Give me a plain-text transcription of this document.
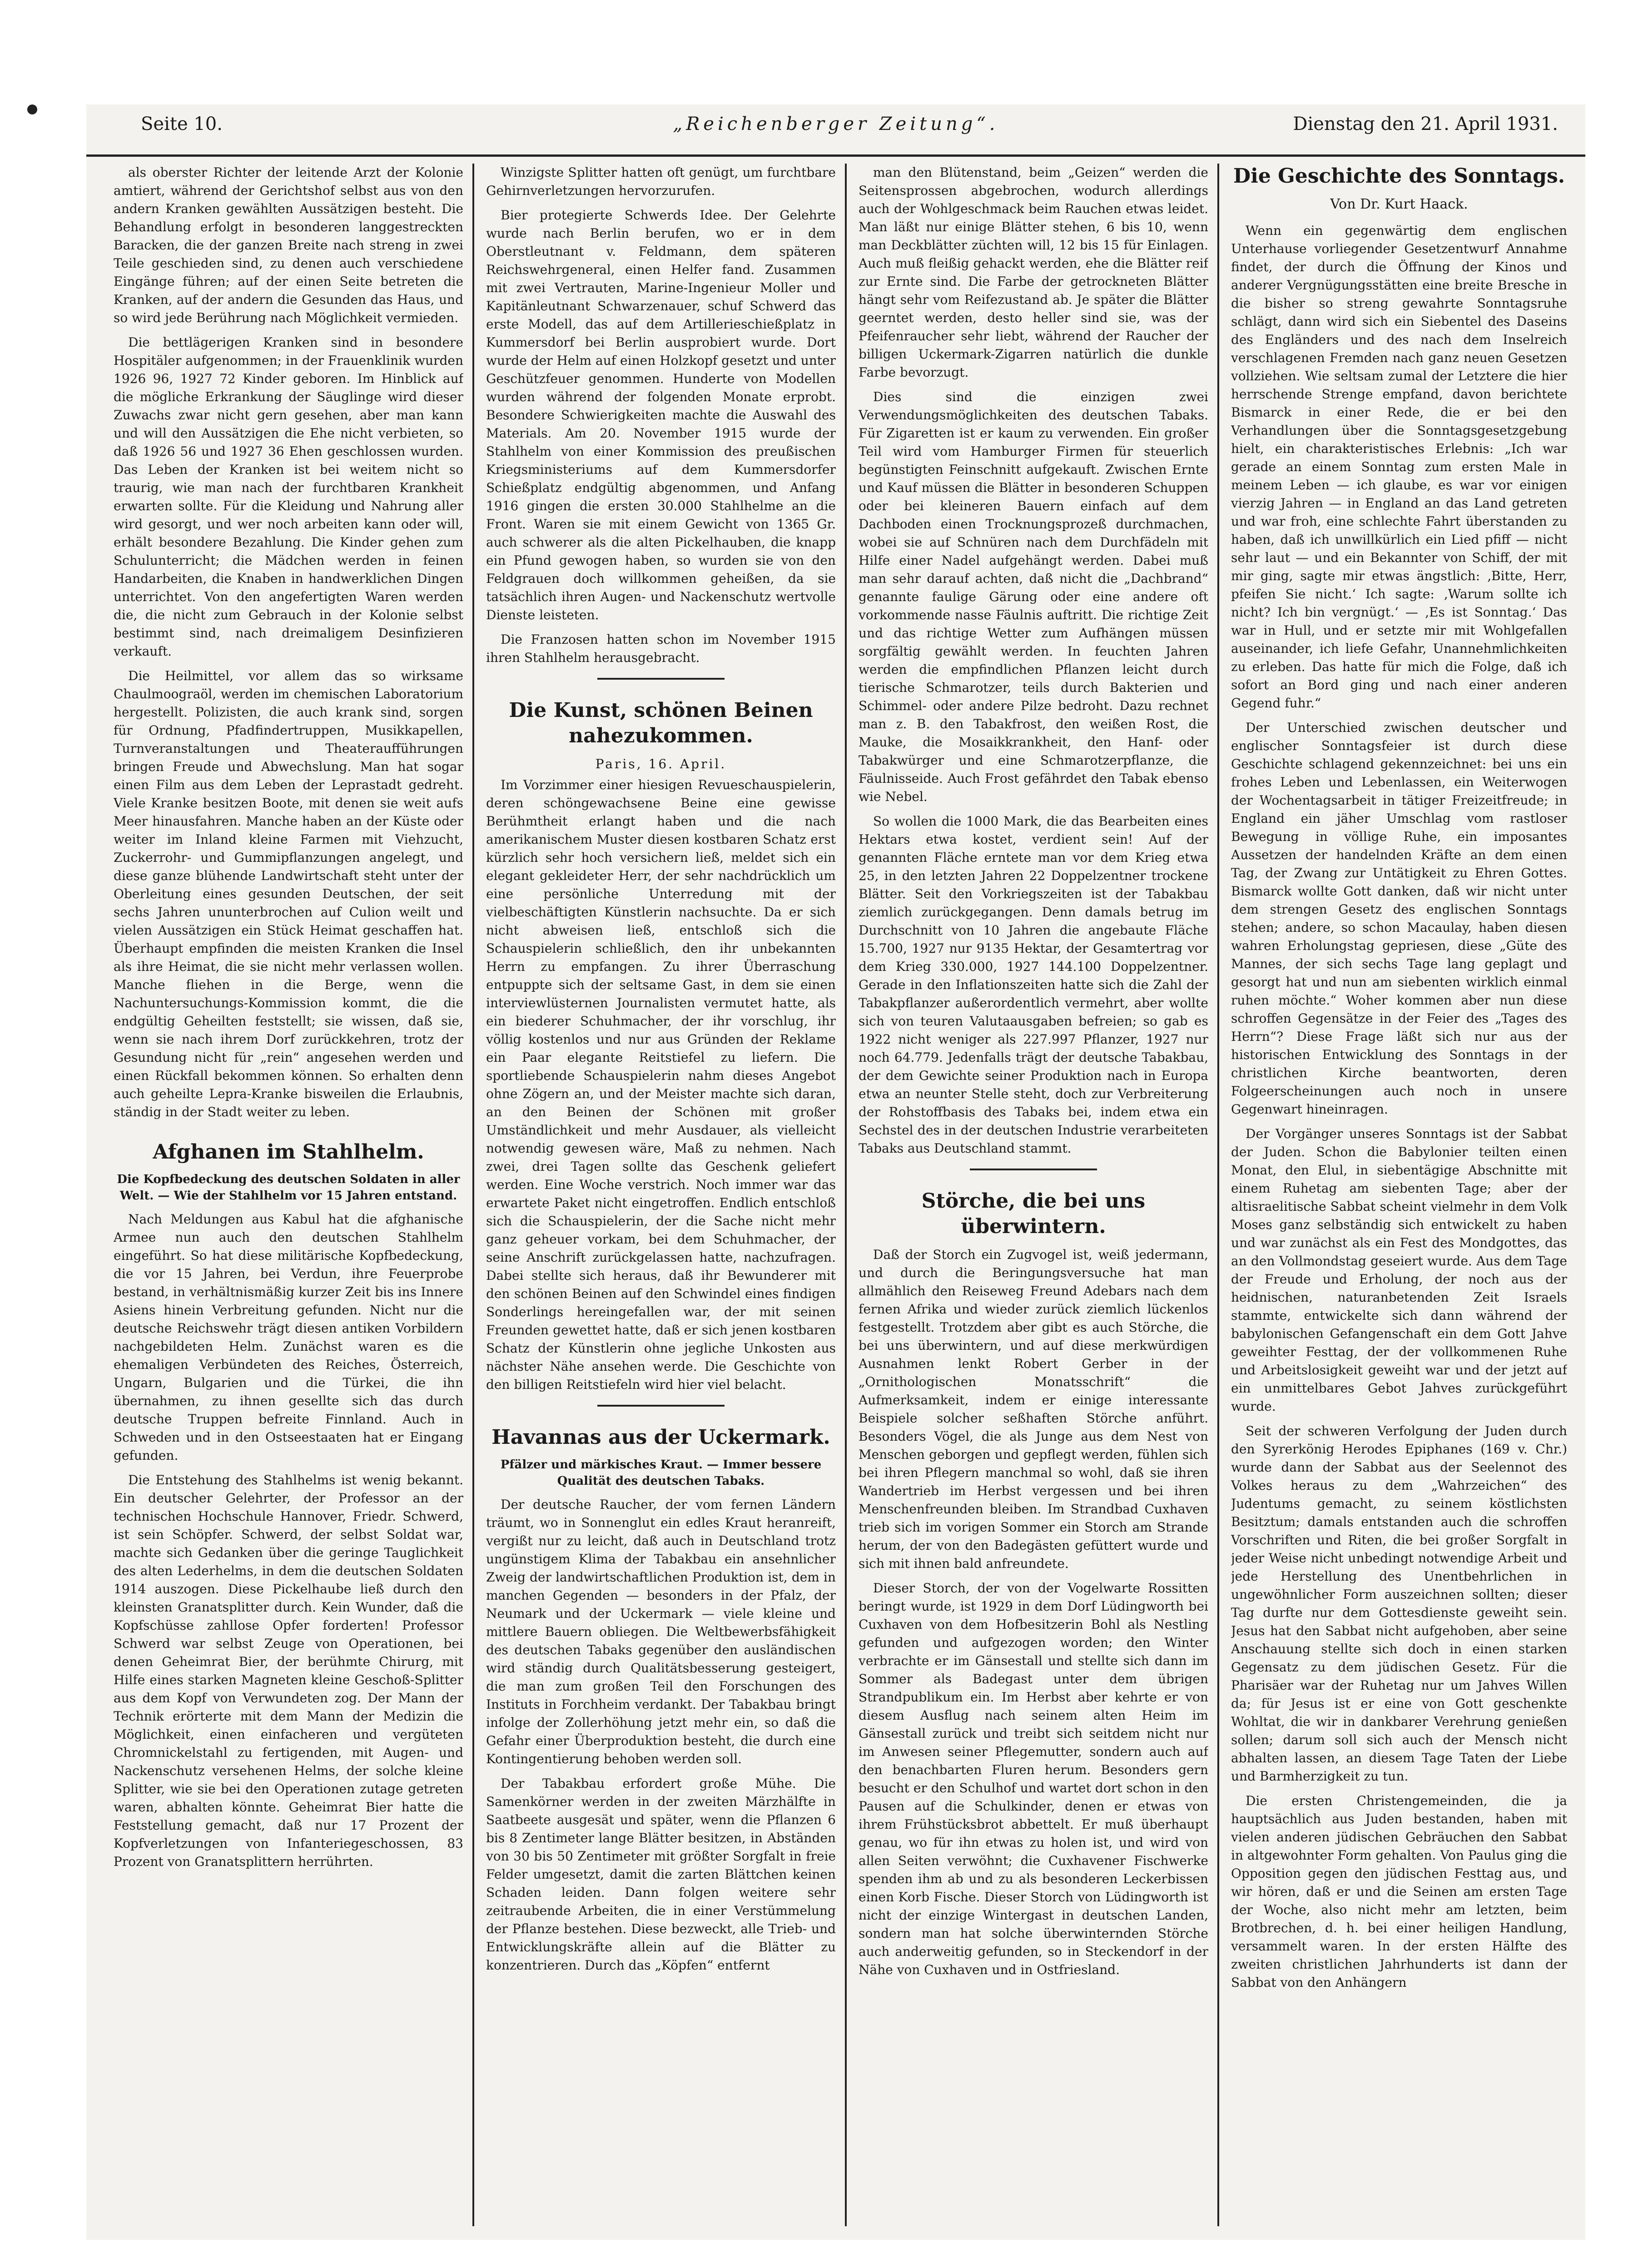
Seite 10.	„Reichenberger Zeitung“.	Dienstag den 21. April 1931.

als oberster Richter der leitende Arzt der Kolonie amtiert, während der Gerichtshof selbst aus von den andern Kranken gewählten Aussätzigen besteht. Die Behandlung erfolgt in besonderen langgestreckten Baracken, die der ganzen Breite nach streng in zwei Teile geschieden sind, zu denen auch verschiedene Eingänge führen; auf der einen Seite betreten die Kranken, auf der andern die Gesunden das Haus, und so wird jede Berührung nach Möglichkeit vermieden.

Die bettlägerigen Kranken sind in besondere Hospitäler aufgenommen; in der Frauenklinik wurden 1926 96, 1927 72 Kinder geboren. Im Hinblick auf die mögliche Erkrankung der Säuglinge wird dieser Zuwachs zwar nicht gern gesehen, aber man kann und will den Aussätzigen die Ehe nicht verbieten, so daß 1926 56 und 1927 36 Ehen geschlossen wurden. Das Leben der Kranken ist bei weitem nicht so traurig, wie man nach der furchtbaren Krankheit erwarten sollte. Für die Kleidung und Nahrung aller wird gesorgt, und wer noch arbeiten kann oder will, erhält besondere Bezahlung. Die Kinder gehen zum Schulunterricht; die Mädchen werden in feinen Handarbeiten, die Knaben in handwerklichen Dingen unterrichtet. Von den angefertigten Waren werden die, die nicht zum Gebrauch in der Kolonie selbst bestimmt sind, nach dreimaligem Desinfizieren verkauft.

Die Heilmittel, vor allem das so wirksame Chaulmoograöl, werden im chemischen Laboratorium hergestellt. Polizisten, die auch krank sind, sorgen für Ordnung, Pfadfindertruppen, Musikkapellen, Turnveranstaltungen und Theateraufführungen bringen Freude und Abwechslung. Man hat sogar einen Film aus dem Leben der Leprastadt gedreht. Viele Kranke besitzen Boote, mit denen sie weit aufs Meer hinausfahren. Manche haben an der Küste oder weiter im Inland kleine Farmen mit Viehzucht, Zuckerrohr- und Gummipflanzungen angelegt, und diese ganze blühende Landwirtschaft steht unter der Oberleitung eines gesunden Deutschen, der seit sechs Jahren ununterbrochen auf Culion weilt und vielen Aussätzigen ein Stück Heimat geschaffen hat. Überhaupt empfinden die meisten Kranken die Insel als ihre Heimat, die sie nicht mehr verlassen wollen. Manche fliehen in die Berge, wenn die Nachuntersuchungs-Kommission kommt, die die endgültig Geheilten feststellt; sie wissen, daß sie, wenn sie nach ihrem Dorf zurückkehren, trotz der Gesundung nicht für „rein“ angesehen werden und einen Rückfall bekommen können. So erhalten denn auch geheilte Lepra-Kranke bisweilen die Erlaubnis, ständig in der Stadt weiter zu leben.

Afghanen im Stahlhelm.
Die Kopfbedeckung des deutschen Soldaten in aller Welt. — Wie der Stahlhelm vor 15 Jahren entstand.

Nach Meldungen aus Kabul hat die afghanische Armee nun auch den deutschen Stahlhelm eingeführt. So hat diese militärische Kopfbedeckung, die vor 15 Jahren, bei Verdun, ihre Feuerprobe bestand, in verhältnismäßig kurzer Zeit bis ins Innere Asiens hinein Verbreitung gefunden. Nicht nur die deutsche Reichswehr trägt diesen antiken Vorbildern nachgebildeten Helm. Zunächst waren es die ehemaligen Verbündeten des Reiches, Österreich, Ungarn, Bulgarien und die Türkei, die ihn übernahmen, zu ihnen gesellte sich das durch deutsche Truppen befreite Finnland. Auch in Schweden und in den Ostseestaaten hat er Eingang gefunden.

Die Entstehung des Stahlhelms ist wenig bekannt. Ein deutscher Gelehrter, der Professor an der technischen Hochschule Hannover, Friedr. Schwerd, ist sein Schöpfer. Schwerd, der selbst Soldat war, machte sich Gedanken über die geringe Tauglichkeit des alten Lederhelms, in dem die deutschen Soldaten 1914 auszogen. Diese Pickelhaube ließ durch den kleinsten Granatsplitter durch. Kein Wunder, daß die Kopfschüsse zahllose Opfer forderten! Professor Schwerd war selbst Zeuge von Operationen, bei denen Geheimrat Bier, der berühmte Chirurg, mit Hilfe eines starken Magneten kleine Geschoß-Splitter aus dem Kopf von Verwundeten zog. Der Mann der Technik erörterte mit dem Mann der Medizin die Möglichkeit, einen einfacheren und vergüteten Chromnickelstahl zu fertigenden, mit Augen- und Nackenschutz versehenen Helms, der solche kleine Splitter, wie sie bei den Operationen zutage getreten waren, abhalten könnte. Geheimrat Bier hatte die Feststellung gemacht, daß nur 17 Prozent der Kopfverletzungen von Infanteriegeschossen, 83 Prozent von Granatsplittern herrührten.

Winzigste Splitter hatten oft genügt, um furchtbare Gehirnverletzungen hervorzurufen.

Bier protegierte Schwerds Idee. Der Gelehrte wurde nach Berlin berufen, wo er in dem Oberstleutnant v. Feldmann, dem späteren Reichswehrgeneral, einen Helfer fand. Zusammen mit zwei Vertrauten, Marine-Ingenieur Moller und Kapitänleutnant Schwarzenauer, schuf Schwerd das erste Modell, das auf dem Artillerieschießplatz in Kummersdorf bei Berlin ausprobiert wurde. Dort wurde der Helm auf einen Holzkopf gesetzt und unter Geschützfeuer genommen. Hunderte von Modellen wurden während der folgenden Monate erprobt. Besondere Schwierigkeiten machte die Auswahl des Materials. Am 20. November 1915 wurde der Stahlhelm von einer Kommission des preußischen Kriegsministeriums auf dem Kummersdorfer Schießplatz endgültig abgenommen, und Anfang 1916 gingen die ersten 30.000 Stahlhelme an die Front. Waren sie mit einem Gewicht von 1365 Gr. auch schwerer als die alten Pickelhauben, die knapp ein Pfund gewogen haben, so wurden sie von den Feldgrauen doch willkommen geheißen, da sie tatsächlich ihren Augen- und Nackenschutz wertvolle Dienste leisteten.

Die Franzosen hatten schon im November 1915 ihren Stahlhelm herausgebracht.

Die Kunst, schönen Beinen nahezukommen.
Paris, 16. April.

Im Vorzimmer einer hiesigen Revueschauspielerin, deren schöngewachsene Beine eine gewisse Berühmtheit erlangt haben und die nach amerikanischem Muster diesen kostbaren Schatz erst kürzlich sehr hoch versichern ließ, meldet sich ein elegant gekleideter Herr, der sehr nachdrücklich um eine persönliche Unterredung mit der vielbeschäftigten Künstlerin nachsuchte. Da er sich nicht abweisen ließ, entschloß sich die Schauspielerin schließlich, den ihr unbekannten Herrn zu empfangen. Zu ihrer Überraschung entpuppte sich der seltsame Gast, in dem sie einen interviewlüsternen Journalisten vermutet hatte, als ein biederer Schuhmacher, der ihr vorschlug, ihr völlig kostenlos und nur aus Gründen der Reklame ein Paar elegante Reitstiefel zu liefern. Die sportliebende Schauspielerin nahm dieses Angebot ohne Zögern an, und der Meister machte sich daran, an den Beinen der Schönen mit großer Umständlichkeit und mehr Ausdauer, als vielleicht notwendig gewesen wäre, Maß zu nehmen. Nach zwei, drei Tagen sollte das Geschenk geliefert werden. Eine Woche verstrich. Noch immer war das erwartete Paket nicht eingetroffen. Endlich entschloß sich die Schauspielerin, der die Sache nicht mehr ganz geheuer vorkam, bei dem Schuhmacher, der seine Anschrift zurückgelassen hatte, nachzufragen. Dabei stellte sich heraus, daß ihr Bewunderer mit den schönen Beinen auf den Schwindel eines findigen Sonderlings hereingefallen war, der mit seinen Freunden gewettet hatte, daß er sich jenen kostbaren Schatz der Künstlerin ohne jegliche Unkosten aus nächster Nähe ansehen werde. Die Geschichte von den billigen Reitstiefeln wird hier viel belacht.

Havannas aus der Uckermark.
Pfälzer und märkisches Kraut. — Immer bessere Qualität des deutschen Tabaks.

Der deutsche Raucher, der vom fernen Ländern träumt, wo in Sonnenglut ein edles Kraut heranreift, vergißt nur zu leicht, daß auch in Deutschland trotz ungünstigem Klima der Tabakbau ein ansehnlicher Zweig der landwirtschaftlichen Produktion ist, dem in manchen Gegenden — besonders in der Pfalz, der Neumark und der Uckermark — viele kleine und mittlere Bauern obliegen. Die Weltbewerbsfähigkeit des deutschen Tabaks gegenüber den ausländischen wird ständig durch Qualitätsbesserung gesteigert, die man zum großen Teil den Forschungen des Instituts in Forchheim verdankt. Der Tabakbau bringt infolge der Zollerhöhung jetzt mehr ein, so daß die Gefahr einer Überproduktion besteht, die durch eine Kontingentierung behoben werden soll.

Der Tabakbau erfordert große Mühe. Die Samenkörner werden in der zweiten Märzhälfte in Saatbeete ausgesät und später, wenn die Pflanzen 6 bis 8 Zentimeter lange Blätter besitzen, in Abständen von 30 bis 50 Zentimeter mit größter Sorgfalt in freie Felder umgesetzt, damit die zarten Blättchen keinen Schaden leiden. Dann folgen weitere sehr zeitraubende Arbeiten, die in einer Verstümmelung der Pflanze bestehen. Diese bezweckt, alle Trieb- und Entwicklungskräfte allein auf die Blätter zu konzentrieren. Durch das „Köpfen“ entfernt

man den Blütenstand, beim „Geizen“ werden die Seitensprossen abgebrochen, wodurch allerdings auch der Wohlgeschmack beim Rauchen etwas leidet. Man läßt nur einige Blätter stehen, 6 bis 10, wenn man Deckblätter züchten will, 12 bis 15 für Einlagen. Auch muß fleißig gehackt werden, ehe die Blätter reif zur Ernte sind. Die Farbe der getrockneten Blätter hängt sehr vom Reifezustand ab. Je später die Blätter geerntet werden, desto heller sind sie, was der Pfeifenraucher sehr liebt, während der Raucher der billigen Uckermark-Zigarren natürlich die dunkle Farbe bevorzugt.

Dies sind die einzigen zwei Verwendungsmöglichkeiten des deutschen Tabaks. Für Zigaretten ist er kaum zu verwenden. Ein großer Teil wird vom Hamburger Firmen für steuerlich begünstigten Feinschnitt aufgekauft. Zwischen Ernte und Kauf müssen die Blätter in besonderen Schuppen oder bei kleineren Bauern einfach auf dem Dachboden einen Trocknungsprozeß durchmachen, wobei sie auf Schnüren nach dem Durchfädeln mit Hilfe einer Nadel aufgehängt werden. Dabei muß man sehr darauf achten, daß nicht die „Dachbrand“ genannte faulige Gärung oder eine andere oft vorkommende nasse Fäulnis auftritt. Die richtige Zeit und das richtige Wetter zum Aufhängen müssen sorgfältig gewählt werden. In feuchten Jahren werden die empfindlichen Pflanzen leicht durch tierische Schmarotzer, teils durch Bakterien und Schimmel- oder andere Pilze bedroht. Dazu rechnet man z. B. den Tabakfrost, den weißen Rost, die Mauke, die Mosaikkrankheit, den Hanf- oder Tabakwürger und eine Schmarotzerpflanze, die Fäulnisseide. Auch Frost gefährdet den Tabak ebenso wie Nebel.

So wollen die 1000 Mark, die das Bearbeiten eines Hektars etwa kostet, verdient sein! Auf der genannten Fläche erntete man vor dem Krieg etwa 25, in den letzten Jahren 22 Doppelzentner trockene Blätter. Seit den Vorkriegszeiten ist der Tabakbau ziemlich zurückgegangen. Denn damals betrug im Durchschnitt von 10 Jahren die angebaute Fläche 15.700, 1927 nur 9135 Hektar, der Gesamtertrag vor dem Krieg 330.000, 1927 144.100 Doppelzentner. Gerade in den Inflationszeiten hatte sich die Zahl der Tabakpflanzer außerordentlich vermehrt, aber wollte sich von teuren Valutaausgaben befreien; so gab es 1922 nicht weniger als 227.997 Pflanzer, 1927 nur noch 64.779. Jedenfalls trägt der deutsche Tabakbau, der dem Gewichte seiner Produktion nach in Europa etwa an neunter Stelle steht, doch zur Verbreiterung der Rohstoffbasis des Tabaks bei, indem etwa ein Sechstel des in der deutschen Industrie verarbeiteten Tabaks aus Deutschland stammt.

Störche, die bei uns überwintern.

Daß der Storch ein Zugvogel ist, weiß jedermann, und durch die Beringungsversuche hat man allmählich den Reiseweg Freund Adebars nach dem fernen Afrika und wieder zurück ziemlich lückenlos festgestellt. Trotzdem aber gibt es auch Störche, die bei uns überwintern, und auf diese merkwürdigen Ausnahmen lenkt Robert Gerber in der „Ornithologischen Monatsschrift“ die Aufmerksamkeit, indem er einige interessante Beispiele solcher seßhaften Störche anführt. Besonders Vögel, die als Junge aus dem Nest von Menschen geborgen und gepflegt werden, fühlen sich bei ihren Pflegern manchmal so wohl, daß sie ihren Wandertrieb im Herbst vergessen und bei ihren Menschenfreunden bleiben. Im Strandbad Cuxhaven trieb sich im vorigen Sommer ein Storch am Strande herum, der von den Badegästen gefüttert wurde und sich mit ihnen bald anfreundete.

Dieser Storch, der von der Vogelwarte Rossitten beringt wurde, ist 1929 in dem Dorf Lüdingworth bei Cuxhaven von dem Hofbesitzerin Bohl als Nestling gefunden und aufgezogen worden; den Winter verbrachte er im Gänsestall und stellte sich dann im Sommer als Badegast unter dem übrigen Strandpublikum ein. Im Herbst aber kehrte er von diesem Ausflug nach seinem alten Heim im Gänsestall zurück und treibt sich seitdem nicht nur im Anwesen seiner Pflegemutter, sondern auch auf den benachbarten Fluren herum. Besonders gern besucht er den Schulhof und wartet dort schon in den Pausen auf die Schulkinder, denen er etwas von ihrem Frühstücksbrot abbettelt. Er muß überhaupt genau, wo für ihn etwas zu holen ist, und wird von allen Seiten verwöhnt; die Cuxhavener Fischwerke spenden ihm ab und zu als besonderen Leckerbissen einen Korb Fische. Dieser Storch von Lüdingworth ist nicht der einzige Wintergast in deutschen Landen, sondern man hat solche überwinternden Störche auch anderweitig gefunden, so in Steckendorf in der Nähe von Cuxhaven und in Ostfriesland.

Die Geschichte des Sonntags.
Von Dr. Kurt Haack.

Wenn ein gegenwärtig dem englischen Unterhause vorliegender Gesetzentwurf Annahme findet, der durch die Öffnung der Kinos und anderer Vergnügungsstätten eine breite Bresche in die bisher so streng gewahrte Sonntagsruhe schlägt, dann wird sich ein Siebentel des Daseins des Engländers und des nach dem Inselreich verschlagenen Fremden nach ganz neuen Gesetzen vollziehen. Wie seltsam zumal der Letztere die hier herrschende Strenge empfand, davon berichtete Bismarck in einer Rede, die er bei den Verhandlungen über die Sonntagsgesetzgebung hielt, ein charakteristisches Erlebnis: „Ich war gerade an einem Sonntag zum ersten Male in meinem Leben — ich glaube, es war vor einigen vierzig Jahren — in England an das Land getreten und war froh, eine schlechte Fahrt überstanden zu haben, daß ich unwillkürlich ein Lied pfiff — nicht sehr laut — und ein Bekannter von Schiff, der mit mir ging, sagte mir etwas ängstlich: ‚Bitte, Herr, pfeifen Sie nicht.‘ Ich sagte: ‚Warum sollte ich nicht? Ich bin vergnügt.‘ — ‚Es ist Sonntag.‘ Das war in Hull, und er setzte mir mit Wohlgefallen auseinander, ich liefe Gefahr, Unannehmlichkeiten zu erleben. Das hatte für mich die Folge, daß ich sofort an Bord ging und nach einer anderen Gegend fuhr.“

Der Unterschied zwischen deutscher und englischer Sonntagsfeier ist durch diese Geschichte schlagend gekennzeichnet: bei uns ein frohes Leben und Lebenlassen, ein Weiterwogen der Wochentagsarbeit in tätiger Freizeitfreude; in England ein jäher Umschlag vom rastloser Bewegung in völlige Ruhe, ein imposantes Aussetzen der handelnden Kräfte an dem einen Tag, der Zwang zur Untätigkeit zu Ehren Gottes. Bismarck wollte Gott danken, daß wir nicht unter dem strengen Gesetz des englischen Sonntags stehen; andere, so schon Macaulay, haben diesen wahren Erholungstag gepriesen, diese „Güte des Mannes, der sich sechs Tage lang geplagt und gesorgt hat und nun am siebenten wirklich einmal ruhen möchte.“ Woher kommen aber nun diese schroffen Gegensätze in der Feier des „Tages des Herrn“? Diese Frage läßt sich nur aus der historischen Entwicklung des Sonntags in der christlichen Kirche beantworten, deren Folgeerscheinungen auch noch in unsere Gegenwart hineinragen.

Der Vorgänger unseres Sonntags ist der Sabbat der Juden. Schon die Babylonier teilten einen Monat, den Elul, in siebentägige Abschnitte mit einem Ruhetag am siebenten Tage; aber der altisraelitische Sabbat scheint vielmehr in dem Volk Moses ganz selbständig sich entwickelt zu haben und war zunächst als ein Fest des Mondgottes, das an den Vollmondstag geseiert wurde. Aus dem Tage der Freude und Erholung, der noch aus der heidnischen, naturanbetenden Zeit Israels stammte, entwickelte sich dann während der babylonischen Gefangenschaft ein dem Gott Jahve geweihter Festtag, der der vollkommenen Ruhe und Arbeitslosigkeit geweiht war und der jetzt auf ein unmittelbares Gebot Jahves zurückgeführt wurde.

Seit der schweren Verfolgung der Juden durch den Syrerkönig Herodes Epiphanes (169 v. Chr.) wurde dann der Sabbat aus der Seelennot des Volkes heraus zu dem „Wahrzeichen“ des Judentums gemacht, zu seinem köstlichsten Besitztum; damals entstanden auch die schroffen Vorschriften und Riten, die bei großer Sorgfalt in jeder Weise nicht unbedingt notwendige Arbeit und jede Herstellung des Unentbehrlichen in ungewöhnlicher Form auszeichnen sollten; dieser Tag durfte nur dem Gottesdienste geweiht sein. Jesus hat den Sabbat nicht aufgehoben, aber seine Anschauung stellte sich doch in einen starken Gegensatz zu dem jüdischen Gesetz. Für die Pharisäer war der Ruhetag nur um Jahves Willen da; für Jesus ist er eine von Gott geschenkte Wohltat, die wir in dankbarer Verehrung genießen sollen; darum soll sich auch der Mensch nicht abhalten lassen, an diesem Tage Taten der Liebe und Barmherzigkeit zu tun.

Die ersten Christengemeinden, die ja hauptsächlich aus Juden bestanden, haben mit vielen anderen jüdischen Gebräuchen den Sabbat in altgewohnter Form gehalten. Von Paulus ging die Opposition gegen den jüdischen Festtag aus, und wir hören, daß er und die Seinen am ersten Tage der Woche, also nicht mehr am letzten, beim Brotbrechen, d. h. bei einer heiligen Handlung, versammelt waren. In der ersten Hälfte des zweiten christlichen Jahrhunderts ist dann der Sabbat von den Anhängern
